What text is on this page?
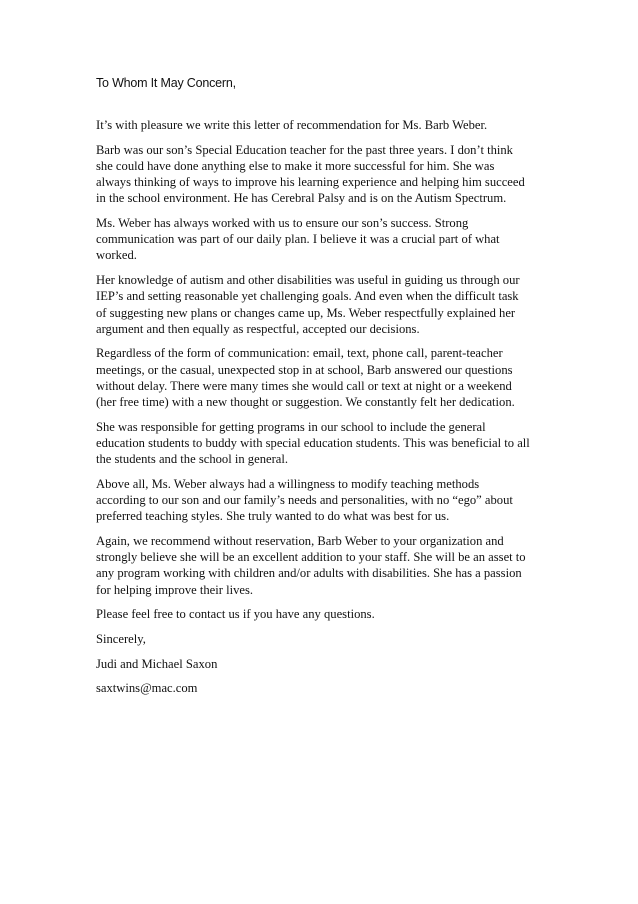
To Whom It May Concern,

It’s with pleasure we write this letter of recommendation for Ms. Barb Weber.

Barb was our son’s Special Education teacher for the past three years. I don’t think
she could have done anything else to make it more successful for him. She was
always thinking of ways to improve his learning experience and helping him succeed
in the school environment. He has Cerebral Palsy and is on the Autism Spectrum.

Ms. Weber has always worked with us to ensure our son’s success. Strong
communication was part of our daily plan. I believe it was a crucial part of what
worked.

Her knowledge of autism and other disabilities was useful in guiding us through our
IEP’s and setting reasonable yet challenging goals. And even when the difficult task
of suggesting new plans or changes came up, Ms. Weber respectfully explained her
argument and then equally as respectful, accepted our decisions.

Regardless of the form of communication: email, text, phone call, parent-teacher
meetings, or the casual, unexpected stop in at school, Barb answered our questions
without delay. There were many times she would call or text at night or a weekend
(her free time) with a new thought or suggestion. We constantly felt her dedication.

She was responsible for getting programs in our school to include the general
education students to buddy with special education students. This was beneficial to all
the students and the school in general.

Above all, Ms. Weber always had a willingness to modify teaching methods
according to our son and our family’s needs and personalities, with no “ego” about
preferred teaching styles. She truly wanted to do what was best for us.

Again, we recommend without reservation, Barb Weber to your organization and
strongly believe she will be an excellent addition to your staff. She will be an asset to
any program working with children and/or adults with disabilities. She has a passion
for helping improve their lives.

Please feel free to contact us if you have any questions.

Sincerely,

Judi and Michael Saxon

saxtwins@mac.com
